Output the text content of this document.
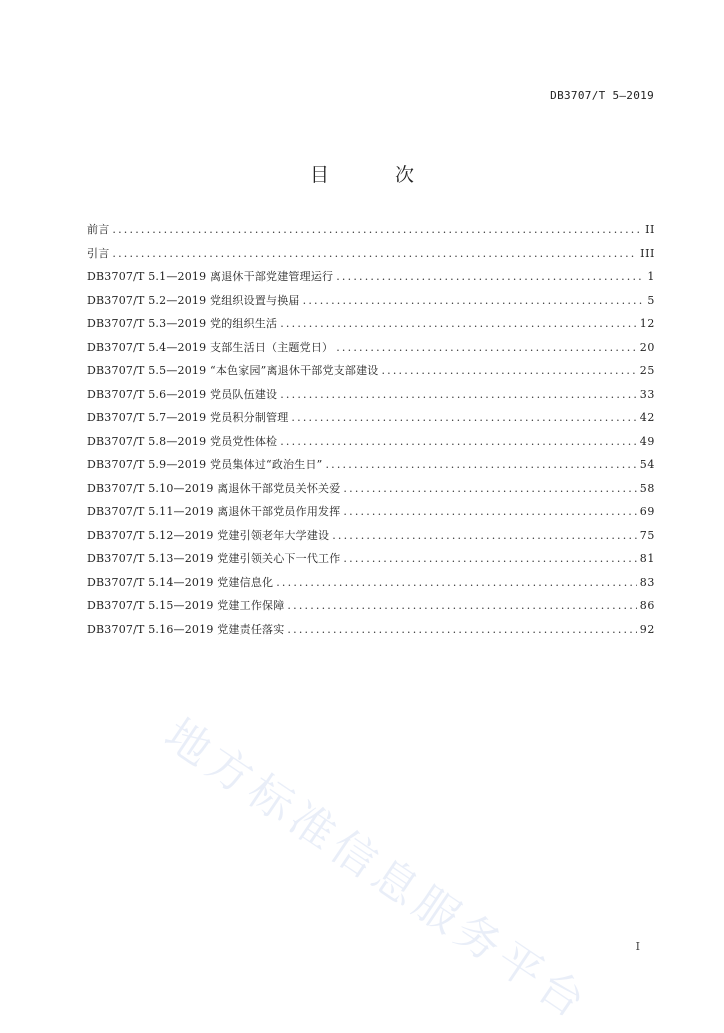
DB3707/T 5—2019
目 次
前言 .....	II
引言 .....	III
DB3707/T 5.1—2019 离退休干部党建管理运行 .....	1
DB3707/T 5.2—2019 党组织设置与换届 .....	5
DB3707/T 5.3—2019 党的组织生活 .....	12
DB3707/T 5.4—2019 支部生活日（主题党日） .....	20
DB3707/T 5.5—2019 “本色家园”离退休干部党支部建设 .....	25
DB3707/T 5.6—2019 党员队伍建设 .....	33
DB3707/T 5.7—2019 党员积分制管理 .....	42
DB3707/T 5.8—2019 党员党性体检 .....	49
DB3707/T 5.9—2019 党员集体过“政治生日” .....	54
DB3707/T 5.10—2019 离退休干部党员关怀关爱 .....	58
DB3707/T 5.11—2019 离退休干部党员作用发挥 .....	69
DB3707/T 5.12—2019 党建引领老年大学建设 .....	75
DB3707/T 5.13—2019 党建引领关心下一代工作 .....	81
DB3707/T 5.14—2019 党建信息化 .....	83
DB3707/T 5.15—2019 党建工作保障 .....	86
DB3707/T 5.16—2019 党建责任落实 .....	92
地方标准信息服务平台	I
